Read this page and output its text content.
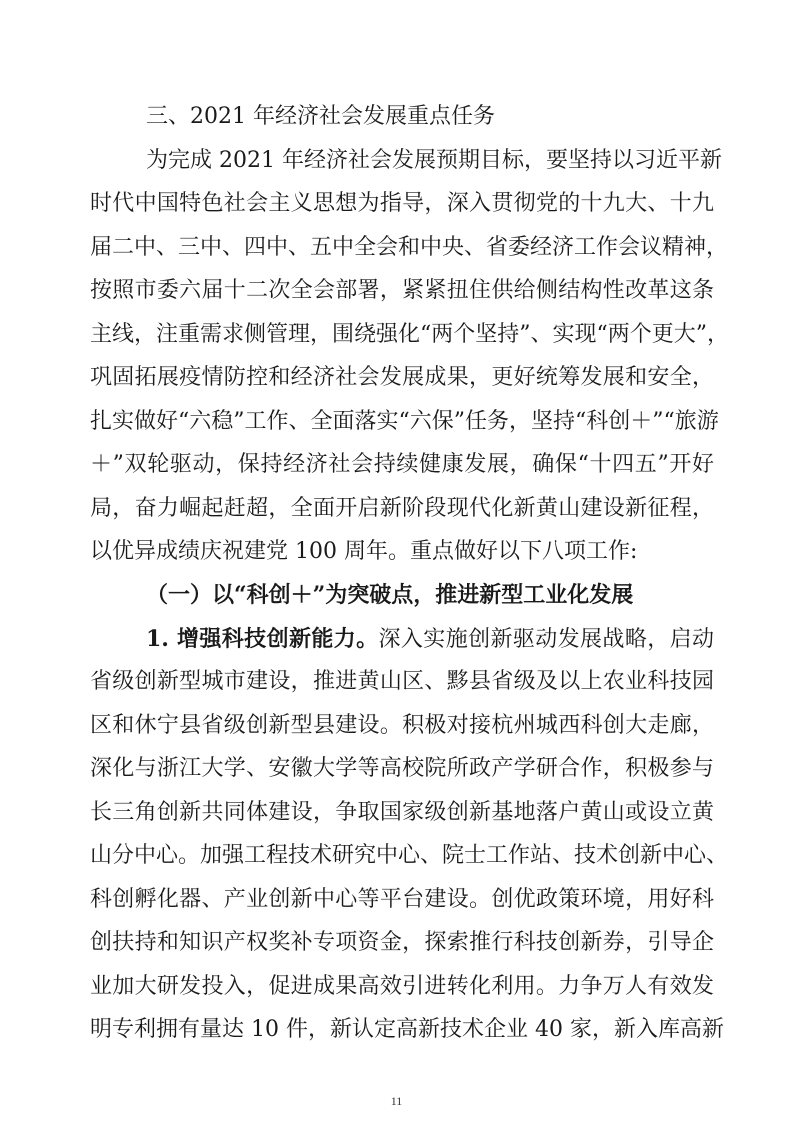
三、2021 年经济社会发展重点任务
为完成 2021 年经济社会发展预期目标，要坚持以习近平新
时代中国特色社会主义思想为指导，深入贯彻党的十九大、十九
届二中、三中、四中、五中全会和中央、省委经济工作会议精神，
按照市委六届十二次全会部署，紧紧扭住供给侧结构性改革这条
主线，注重需求侧管理，围绕强化“两个坚持”、实现“两个更大”，
巩固拓展疫情防控和经济社会发展成果，更好统筹发展和安全，
扎实做好“六稳”工作、全面落实“六保”任务，坚持“科创＋”“旅游
＋”双轮驱动，保持经济社会持续健康发展，确保“十四五”开好
局，奋力崛起赶超，全面开启新阶段现代化新黄山建设新征程，
以优异成绩庆祝建党 100 周年。重点做好以下八项工作:
（一）以“科创＋”为突破点，推进新型工业化发展
1. 增强科技创新能力。深入实施创新驱动发展战略，启动
省级创新型城市建设，推进黄山区、黟县省级及以上农业科技园
区和休宁县省级创新型县建设。积极对接杭州城西科创大走廊，
深化与浙江大学、安徽大学等高校院所政产学研合作，积极参与
长三角创新共同体建设，争取国家级创新基地落户黄山或设立黄
山分中心。加强工程技术研究中心、院士工作站、技术创新中心、
科创孵化器、产业创新中心等平台建设。创优政策环境，用好科
创扶持和知识产权奖补专项资金，探索推行科技创新券，引导企
业加大研发投入，促进成果高效引进转化利用。力争万人有效发
11
明专利拥有量达 10 件，新认定高新技术企业 40 家，新入库高新
